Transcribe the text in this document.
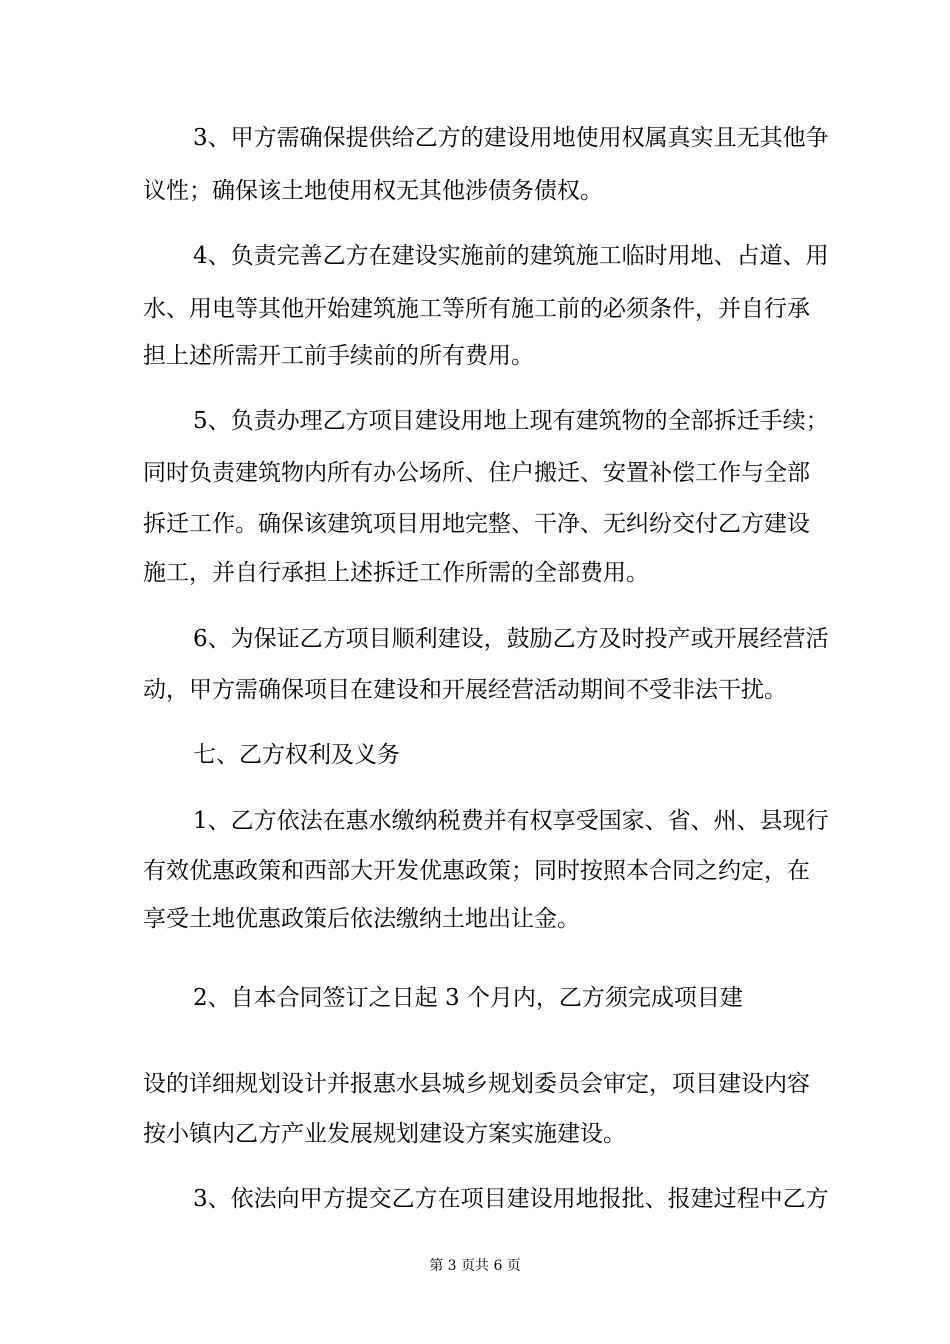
3、甲方需确保提供给乙方的建设用地使用权属真实且无其他争
议性；确保该土地使用权无其他涉债务债权。
4、负责完善乙方在建设实施前的建筑施工临时用地、占道、用
水、用电等其他开始建筑施工等所有施工前的必须条件，并自行承
担上述所需开工前手续前的所有费用。
5、负责办理乙方项目建设用地上现有建筑物的全部拆迁手续；
同时负责建筑物内所有办公场所、住户搬迁、安置补偿工作与全部
拆迁工作。确保该建筑项目用地完整、干净、无纠纷交付乙方建设
施工，并自行承担上述拆迁工作所需的全部费用。
6、为保证乙方项目顺利建设，鼓励乙方及时投产或开展经营活
动，甲方需确保项目在建设和开展经营活动期间不受非法干扰。
七、乙方权利及义务
1、乙方依法在惠水缴纳税费并有权享受国家、省、州、县现行
有效优惠政策和西部大开发优惠政策；同时按照本合同之约定，在
享受土地优惠政策后依法缴纳土地出让金。
2、自本合同签订之日起 3 个月内，乙方须完成项目建
设的详细规划设计并报惠水县城乡规划委员会审定，项目建设内容
按小镇内乙方产业发展规划建设方案实施建设。
3、依法向甲方提交乙方在项目建设用地报批、报建过程中乙方
第 3 页共 6 页
